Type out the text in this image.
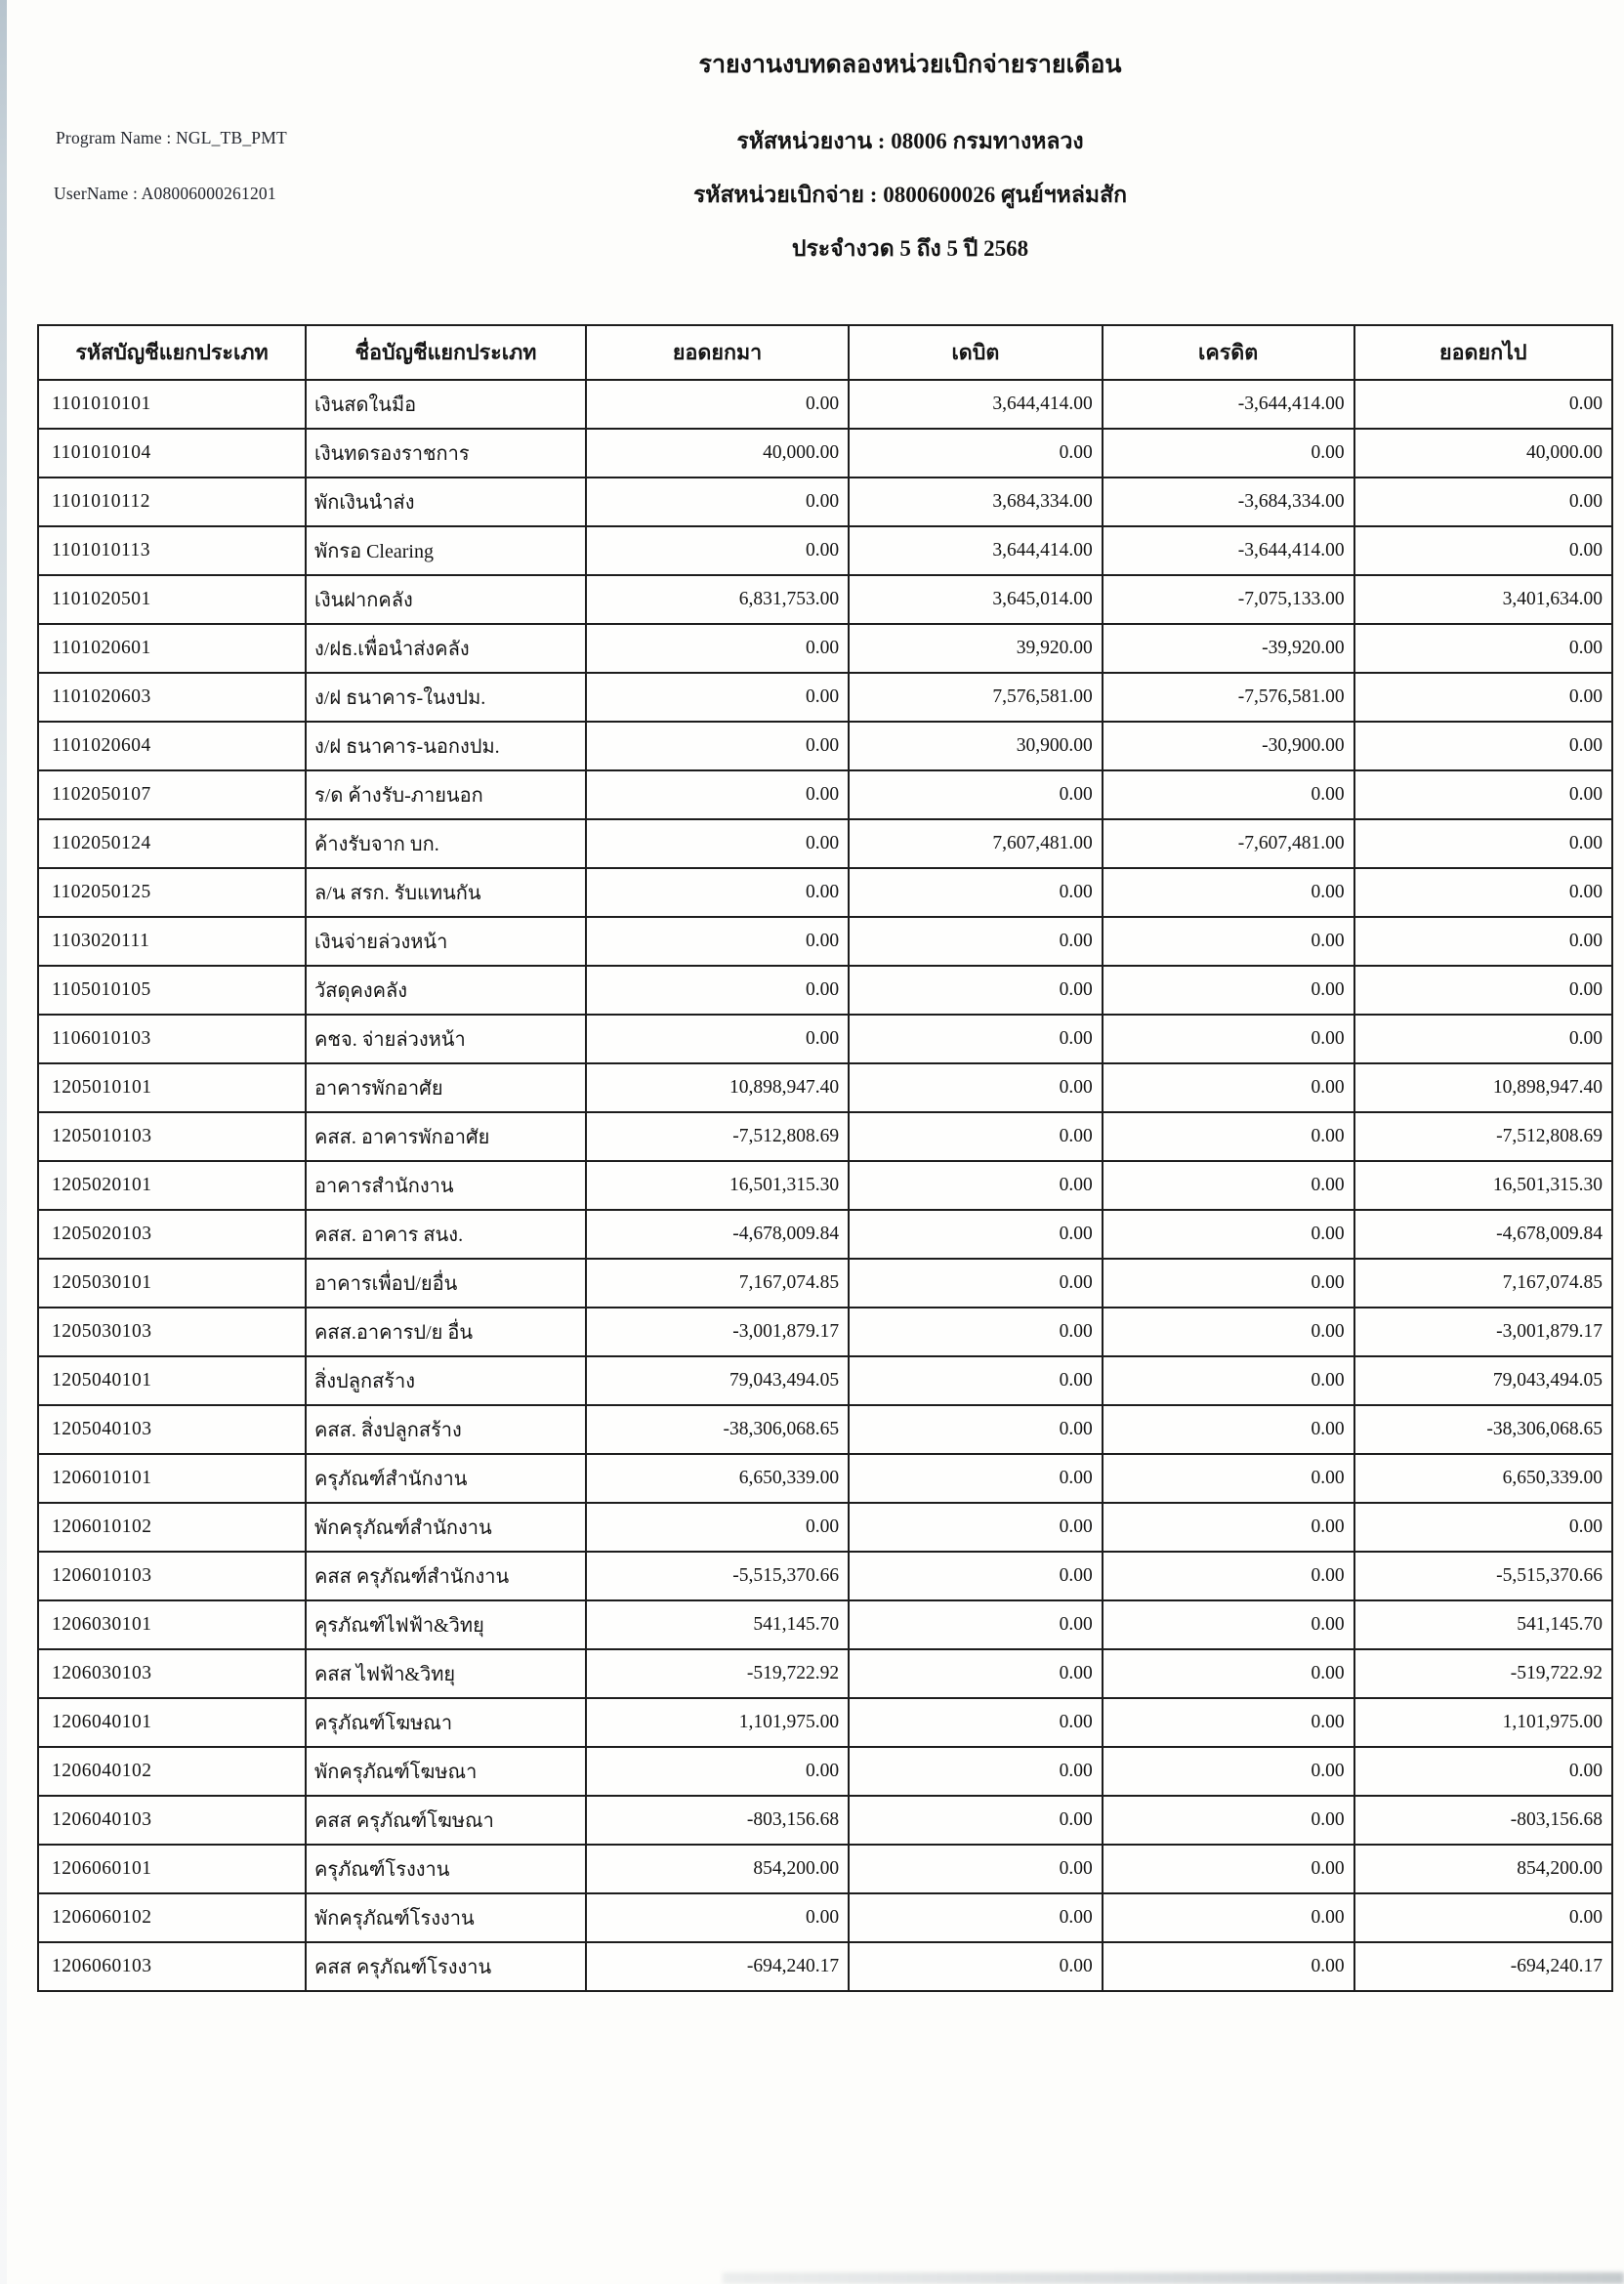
Program Name : NGL_TB_PMT
UserName : A08006000261201
รายงานงบทดลองหน่วยเบิกจ่ายรายเดือน
รหัสหน่วยงาน : 08006 กรมทางหลวง
รหัสหน่วยเบิกจ่าย : 0800600026 ศูนย์ฯหล่มสัก
ประจำงวด 5 ถึง 5 ปี 2568
รหัสบัญชีแยกประเภท	ชื่อบัญชีแยกประเภท	ยอดยกมา	เดบิต	เครดิต	ยอดยกไป
1101010101	เงินสดในมือ	0.00	3,644,414.00	-3,644,414.00	0.00
1101010104	เงินทดรองราชการ	40,000.00	0.00	0.00	40,000.00
1101010112	พักเงินนำส่ง	0.00	3,684,334.00	-3,684,334.00	0.00
1101010113	พักรอ Clearing	0.00	3,644,414.00	-3,644,414.00	0.00
1101020501	เงินฝากคลัง	6,831,753.00	3,645,014.00	-7,075,133.00	3,401,634.00
1101020601	ง/ฝธ.เพื่อนำส่งคลัง	0.00	39,920.00	-39,920.00	0.00
1101020603	ง/ฝ ธนาคาร-ในงปม.	0.00	7,576,581.00	-7,576,581.00	0.00
1101020604	ง/ฝ ธนาคาร-นอกงปม.	0.00	30,900.00	-30,900.00	0.00
1102050107	ร/ด ค้างรับ-ภายนอก	0.00	0.00	0.00	0.00
1102050124	ค้างรับจาก บก.	0.00	7,607,481.00	-7,607,481.00	0.00
1102050125	ล/น สรก. รับแทนกัน	0.00	0.00	0.00	0.00
1103020111	เงินจ่ายล่วงหน้า	0.00	0.00	0.00	0.00
1105010105	วัสดุคงคลัง	0.00	0.00	0.00	0.00
1106010103	คชจ. จ่ายล่วงหน้า	0.00	0.00	0.00	0.00
1205010101	อาคารพักอาศัย	10,898,947.40	0.00	0.00	10,898,947.40
1205010103	คสส. อาคารพักอาศัย	-7,512,808.69	0.00	0.00	-7,512,808.69
1205020101	อาคารสำนักงาน	16,501,315.30	0.00	0.00	16,501,315.30
1205020103	คสส. อาคาร สนง.	-4,678,009.84	0.00	0.00	-4,678,009.84
1205030101	อาคารเพื่อป/ยอื่น	7,167,074.85	0.00	0.00	7,167,074.85
1205030103	คสส.อาคารป/ย อื่น	-3,001,879.17	0.00	0.00	-3,001,879.17
1205040101	สิ่งปลูกสร้าง	79,043,494.05	0.00	0.00	79,043,494.05
1205040103	คสส. สิ่งปลูกสร้าง	-38,306,068.65	0.00	0.00	-38,306,068.65
1206010101	ครุภัณฑ์สำนักงาน	6,650,339.00	0.00	0.00	6,650,339.00
1206010102	พักครุภัณฑ์สำนักงาน	0.00	0.00	0.00	0.00
1206010103	คสส ครุภัณฑ์สำนักงาน	-5,515,370.66	0.00	0.00	-5,515,370.66
1206030101	คุรภัณฑ์ไฟฟ้า&วิทยุ	541,145.70	0.00	0.00	541,145.70
1206030103	คสส ไฟฟ้า&วิทยุ	-519,722.92	0.00	0.00	-519,722.92
1206040101	ครุภัณฑ์โฆษณา	1,101,975.00	0.00	0.00	1,101,975.00
1206040102	พักครุภัณฑ์โฆษณา	0.00	0.00	0.00	0.00
1206040103	คสส ครุภัณฑ์โฆษณา	-803,156.68	0.00	0.00	-803,156.68
1206060101	ครุภัณฑ์โรงงาน	854,200.00	0.00	0.00	854,200.00
1206060102	พักครุภัณฑ์โรงงาน	0.00	0.00	0.00	0.00
1206060103	คสส ครุภัณฑ์โรงงาน	-694,240.17	0.00	0.00	-694,240.17
